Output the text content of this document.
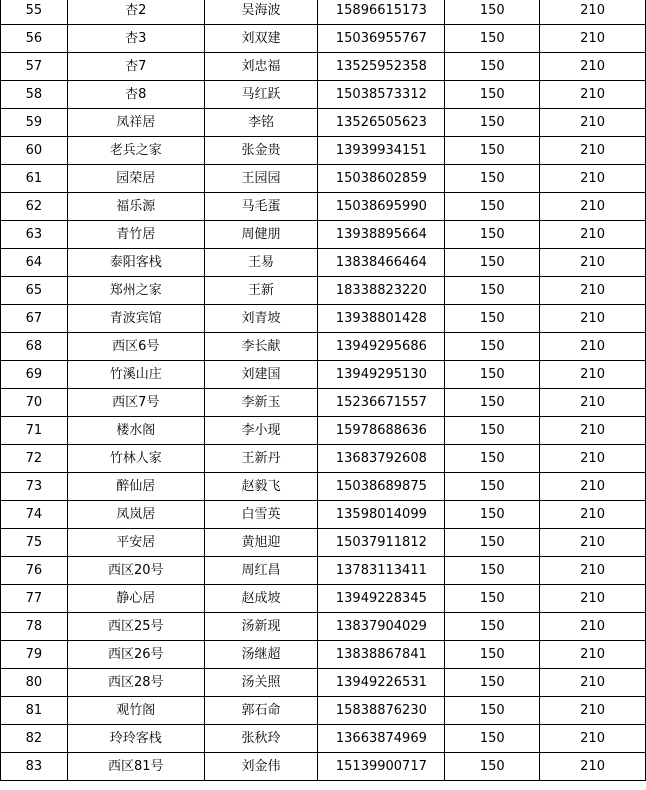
55	杏2	吴海波	15896615173	150	210
56	杏3	刘双建	15036955767	150	210
57	杏7	刘忠福	13525952358	150	210
58	杏8	马红跃	15038573312	150	210
59	凤祥居	李铭	13526505623	150	210
60	老兵之家	张金贵	13939934151	150	210
61	园荣居	王园园	15038602859	150	210
62	福乐源	马毛蛋	15038695990	150	210
63	青竹居	周健朋	13938895664	150	210
64	泰阳客栈	王易	13838466464	150	210
65	郑州之家	王新	18338823220	150	210
67	青波宾馆	刘青坡	13938801428	150	210
68	西区6号	李长献	13949295686	150	210
69	竹溪山庄	刘建国	13949295130	150	210
70	西区7号	李新玉	15236671557	150	210
71	楼水阁	李小现	15978688636	150	210
72	竹林人家	王新丹	13683792608	150	210
73	醉仙居	赵毅飞	15038689875	150	210
74	凤岚居	白雪英	13598014099	150	210
75	平安居	黄旭迎	15037911812	150	210
76	西区20号	周红昌	13783113411	150	210
77	静心居	赵成坡	13949228345	150	210
78	西区25号	汤新现	13837904029	150	210
79	西区26号	汤继超	13838867841	150	210
80	西区28号	汤关照	13949226531	150	210
81	观竹阁	郭石命	15838876230	150	210
82	玲玲客栈	张秋玲	13663874969	150	210
83	西区81号	刘金伟	15139900717	150	210
